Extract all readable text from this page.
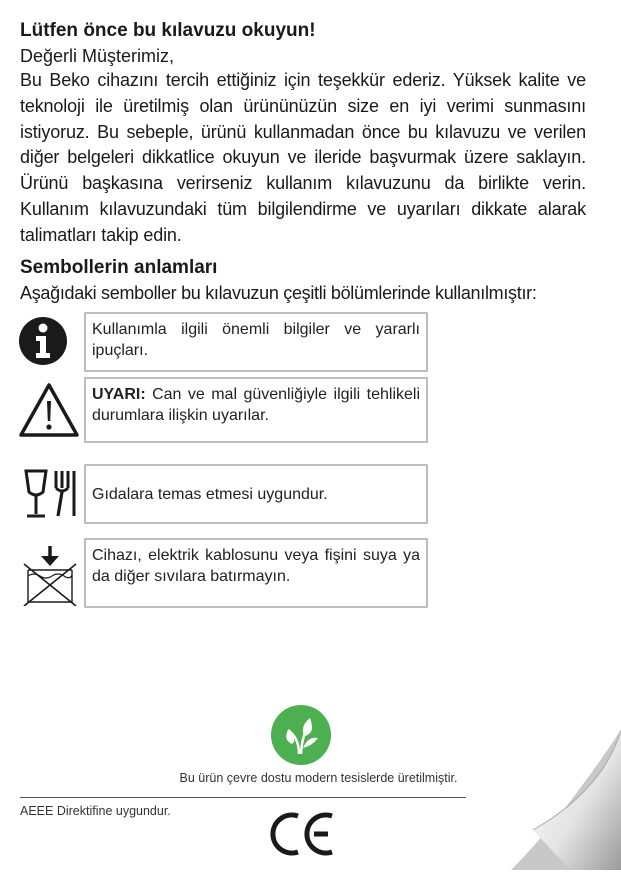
Lütfen önce bu kılavuzu okuyun!

Değerli Müşterimiz,

Bu Beko cihazını tercih ettiğiniz için teşekkür ederiz. Yüksek kalite ve teknoloji ile üretilmiş olan ürününüzün size en iyi verimi sunmasını istiyoruz. Bu sebeple, ürünü kullanmadan önce bu kılavuzu ve verilen diğer belgeleri dikkatlice okuyun ve ileride başvurmak üzere saklayın. Ürünü başkasına verirseniz kullanım kılavuzunu da birlikte verin. Kullanım kılavuzundaki tüm bilgilendirme ve uyarıları dikkate alarak talimatları takip edin.

Sembollerin anlamları

Aşağıdaki semboller bu kılavuzun çeşitli bölümlerinde kullanılmıştır:

Kullanımla ilgili önemli bilgiler ve yararlı ipuçları.
UYARI: Can ve mal güvenliğiyle ilgili tehlikeli durumlara ilişkin uyarılar.
Gıdalara temas etmesi uygundur.
Cihazı, elektrik kablosunu veya fişini suya ya da diğer sıvılara batırmayın.
Bu ürün çevre dostu modern tesislerde üretilmiştir.
AEEE Direktifine uygundur.
